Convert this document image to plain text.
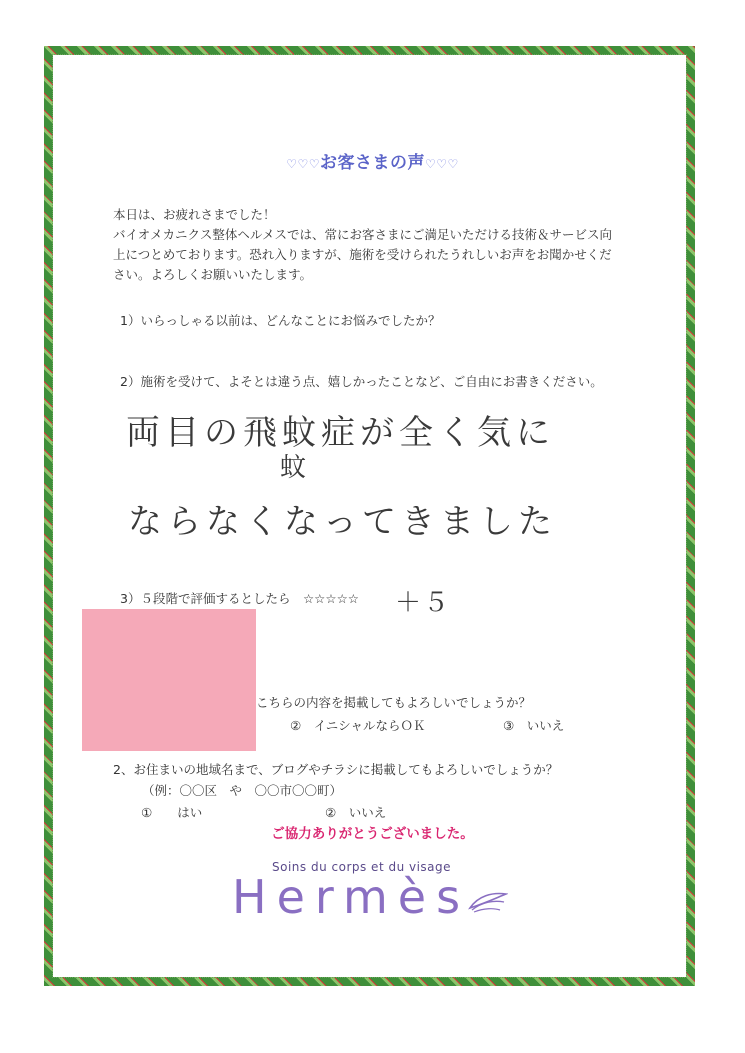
♡♡♡お客さまの声♡♡♡
本日は、お疲れさまでした！
バイオメカニクス整体ヘルメスでは、常にお客さまにご満足いただける技術＆サービス向
上につとめております。恐れ入りますが、施術を受けられたうれしいお声をお聞かせくだ
さい。よろしくお願いいたします。
1）いらっしゃる以前は、どんなことにお悩みでしたか？
2）施術を受けて、よそとは違う点、嬉しかったことなど、ご自由にお書きください。
両目の飛蚊症が全く気に
蚊
ならなくなってきました
3）５段階で評価するとしたら　☆☆☆☆☆ ＋５
こちらの内容を掲載してもよろしいでしょうか？
②　イニシャルならＯＫ	③　いいえ
2、お住まいの地域名まで、ブログやチラシに掲載してもよろしいでしょうか？
（例：〇〇区　や　〇〇市〇〇町）
①　　はい	②　いいえ
ご協力ありがとうございました。
Soins du corps et du visage
Hermès
